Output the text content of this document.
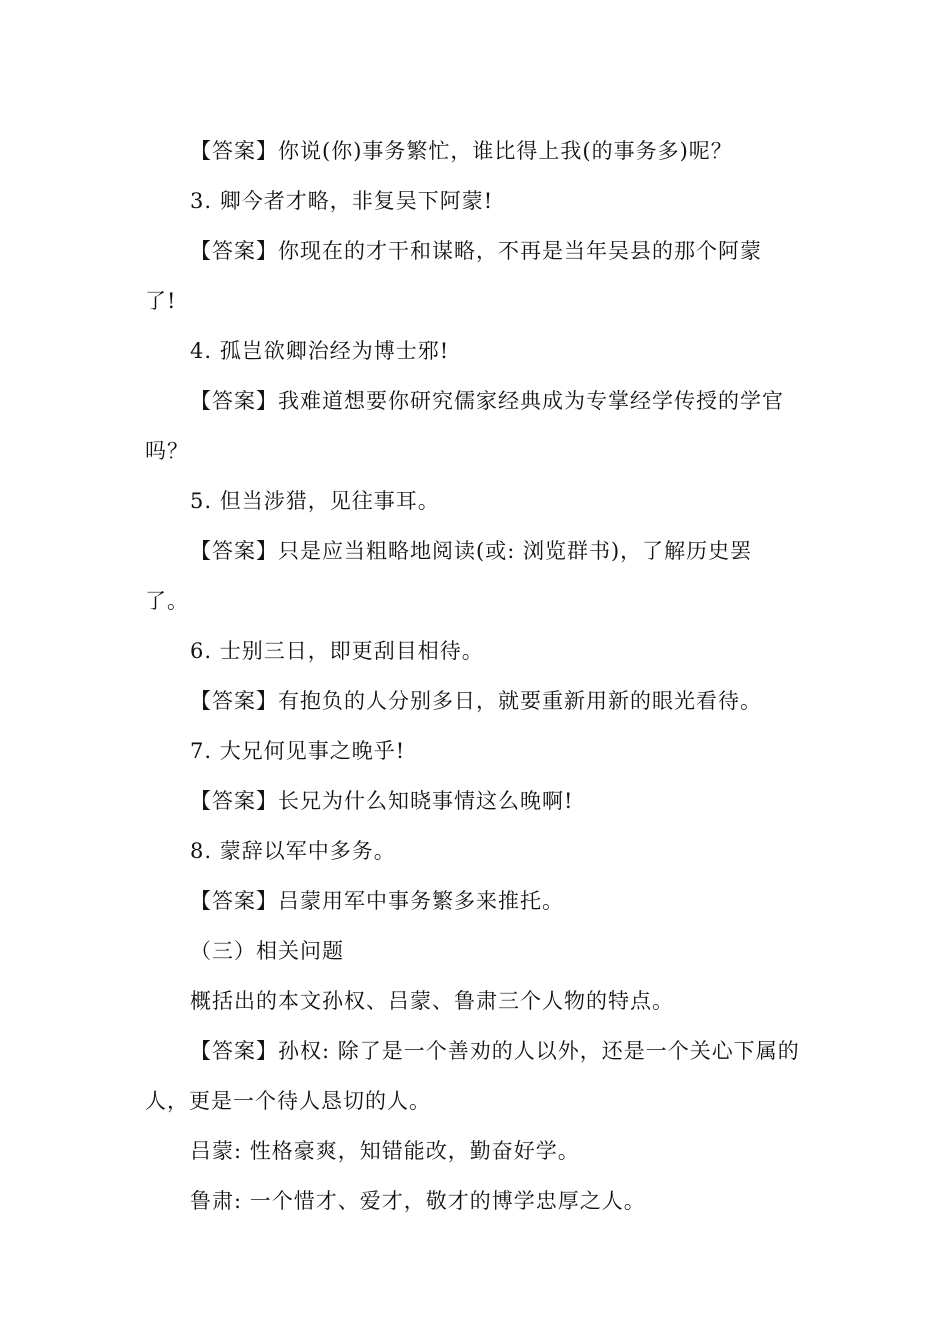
【答案】你说(你)事务繁忙，谁比得上我(的事务多)呢？
3. 卿今者才略，非复吴下阿蒙!
【答案】你现在的才干和谋略，不再是当年吴县的那个阿蒙
了!
4. 孤岂欲卿治经为博士邪!
【答案】我难道想要你研究儒家经典成为专掌经学传授的学官
吗？
5. 但当涉猎，见往事耳。
【答案】只是应当粗略地阅读(或: 浏览群书)，了解历史罢
了。
6. 士别三日，即更刮目相待。
【答案】有抱负的人分别多日，就要重新用新的眼光看待。
7. 大兄何见事之晚乎!
【答案】长兄为什么知晓事情这么晚啊!
8. 蒙辞以军中多务。
【答案】吕蒙用军中事务繁多来推托。
（三）相关问题
概括出的本文孙权、吕蒙、鲁肃三个人物的特点。
【答案】孙权: 除了是一个善劝的人以外，还是一个关心下属的
人，更是一个待人恳切的人。
吕蒙: 性格豪爽，知错能改，勤奋好学。
鲁肃: 一个惜才、爱才，敬才的博学忠厚之人。
